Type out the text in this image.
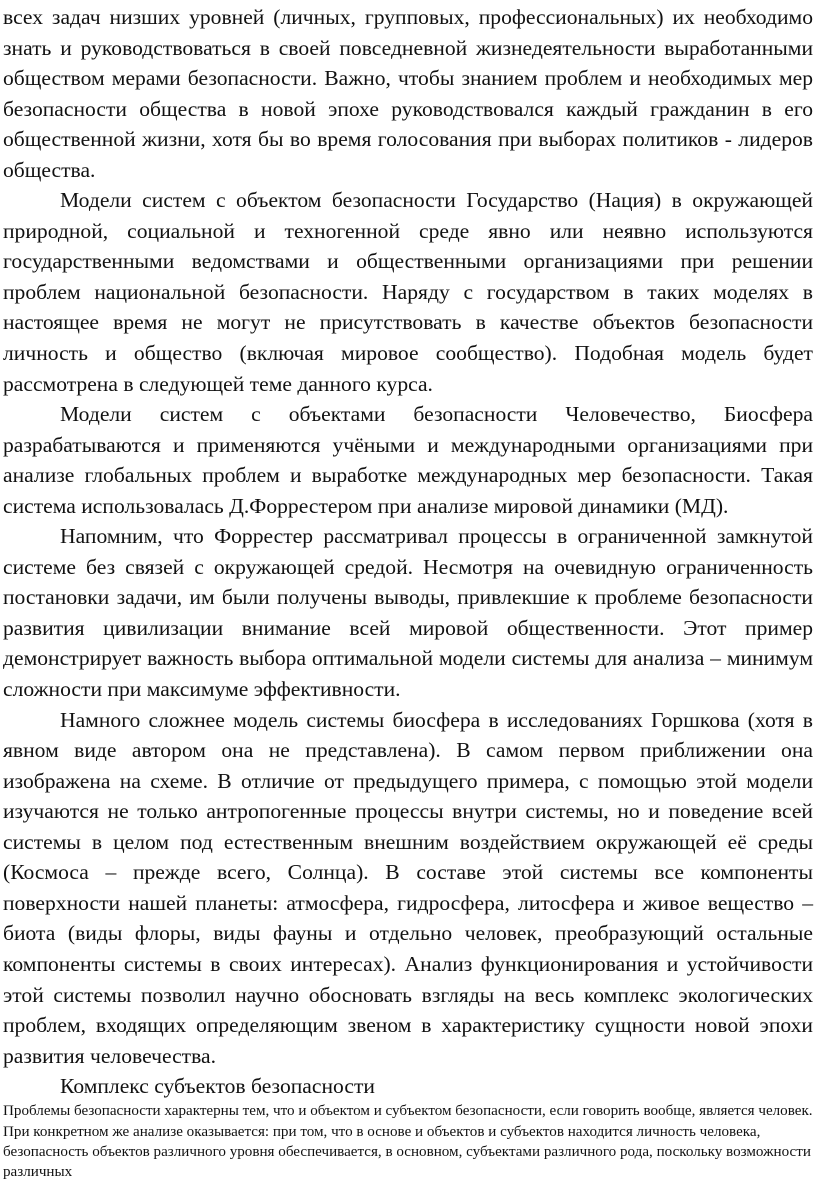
всех задач низших уровней (личных, групповых, профессиональных) их необходимо знать и руководствоваться в своей повседневной жизнедеятельности выработанными обществом мерами безопасности. Важно, чтобы знанием проблем и необходимых мер безопасности общества в новой эпохе руководствовался каждый гражданин в его общественной жизни, хотя бы во время голосования при выборах политиков - лидеров общества.

Модели систем с объектом безопасности Государство (Нация) в окружающей природной, социальной и техногенной среде явно или неявно используются государственными ведомствами и общественными организациями при решении проблем национальной безопасности. Наряду с государством в таких моделях в настоящее время не могут не присутствовать в качестве объектов безопасности личность и общество (включая мировое сообщество). Подобная модель будет рассмотрена в следующей теме данного курса.

Модели систем с объектами безопасности Человечество, Биосфера разрабатываются и применяются учёными и международными организациями при анализе глобальных проблем и выработке международных мер безопасности. Такая система использовалась Д.Форрестером при анализе мировой динамики (МД).

Напомним, что Форрестер рассматривал процессы в ограниченной замкнутой системе без связей с окружающей средой. Несмотря на очевидную ограниченность постановки задачи, им были получены выводы, привлекшие к проблеме безопасности развития цивилизации внимание всей мировой общественности. Этот пример демонстрирует важность выбора оптимальной модели системы для анализа – минимум сложности при максимуме эффективности.

Намного сложнее модель системы биосфера в исследованиях Горшкова (хотя в явном виде автором она не представлена). В самом первом приближении она изображена на схеме. В отличие от предыдущего примера, с помощью этой модели изучаются не только антропогенные процессы внутри системы, но и поведение всей системы в целом под естественным внешним воздействием окружающей её среды (Космоса – прежде всего, Солнца). В составе этой системы все компоненты поверхности нашей планеты: атмосфера, гидросфера, литосфера и живое вещество – биота (виды флоры, виды фауны и отдельно человек, преобразующий остальные компоненты системы в своих интересах). Анализ функционирования и устойчивости этой системы позволил научно обосновать взгляды на весь комплекс экологических проблем, входящих определяющим звеном в характеристику сущности новой эпохи развития человечества.

Комплекс субъектов безопасности

Проблемы безопасности характерны тем, что и объектом и субъектом безопасности, если говорить вообще, является человек. При конкретном же анализе оказывается: при том, что в основе и объектов и субъектов находится личность человека, безопасность объектов различного уровня обеспечивается, в основном, субъектами различного рода, поскольку возможности различных
